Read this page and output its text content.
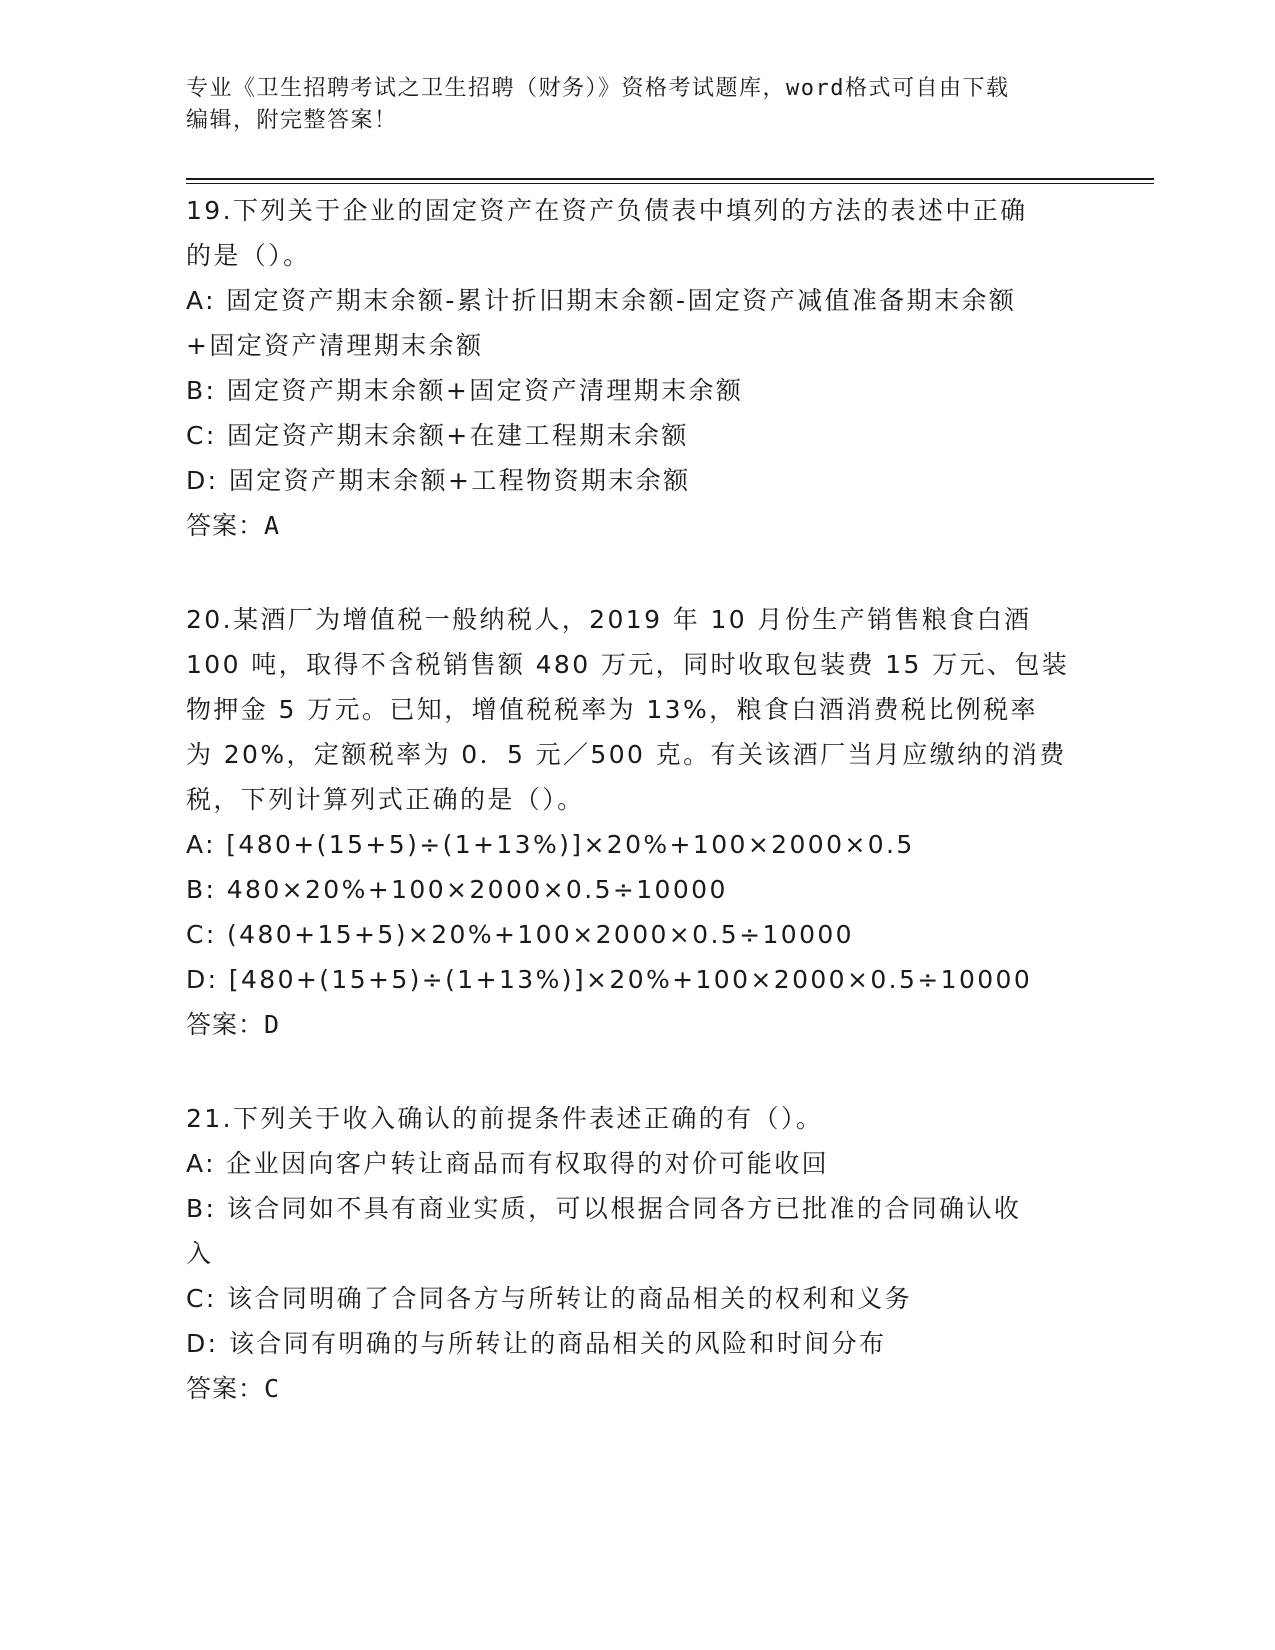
专业《卫生招聘考试之卫生招聘（财务）》资格考试题库，word格式可自由下载
编辑，附完整答案！
19.下列关于企业的固定资产在资产负债表中填列的方法的表述中正确
的是（）。
A: 固定资产期末余额-累计折旧期末余额-固定资产减值准备期末余额
+固定资产清理期末余额
B: 固定资产期末余额+固定资产清理期末余额
C: 固定资产期末余额+在建工程期末余额
D: 固定资产期末余额+工程物资期末余额
答案：A
20.某酒厂为增值税一般纳税人，2019 年 10 月份生产销售粮食白酒
100 吨，取得不含税销售额 480 万元，同时收取包装费 15 万元、包装
物押金 5 万元。已知，增值税税率为 13%，粮食白酒消费税比例税率
为 20%，定额税率为 0．5 元／500 克。有关该酒厂当月应缴纳的消费
税，下列计算列式正确的是（）。
A: [480+(15+5)÷(1+13%)]×20%+100×2000×0.5
B: 480×20%+100×2000×0.5÷10000
C: (480+15+5)×20%+100×2000×0.5÷10000
D: [480+(15+5)÷(1+13%)]×20%+100×2000×0.5÷10000
答案：D
21.下列关于收入确认的前提条件表述正确的有（）。
A: 企业因向客户转让商品而有权取得的对价可能收回
B: 该合同如不具有商业实质，可以根据合同各方已批准的合同确认收
入
C: 该合同明确了合同各方与所转让的商品相关的权利和义务
D: 该合同有明确的与所转让的商品相关的风险和时间分布
答案：C
